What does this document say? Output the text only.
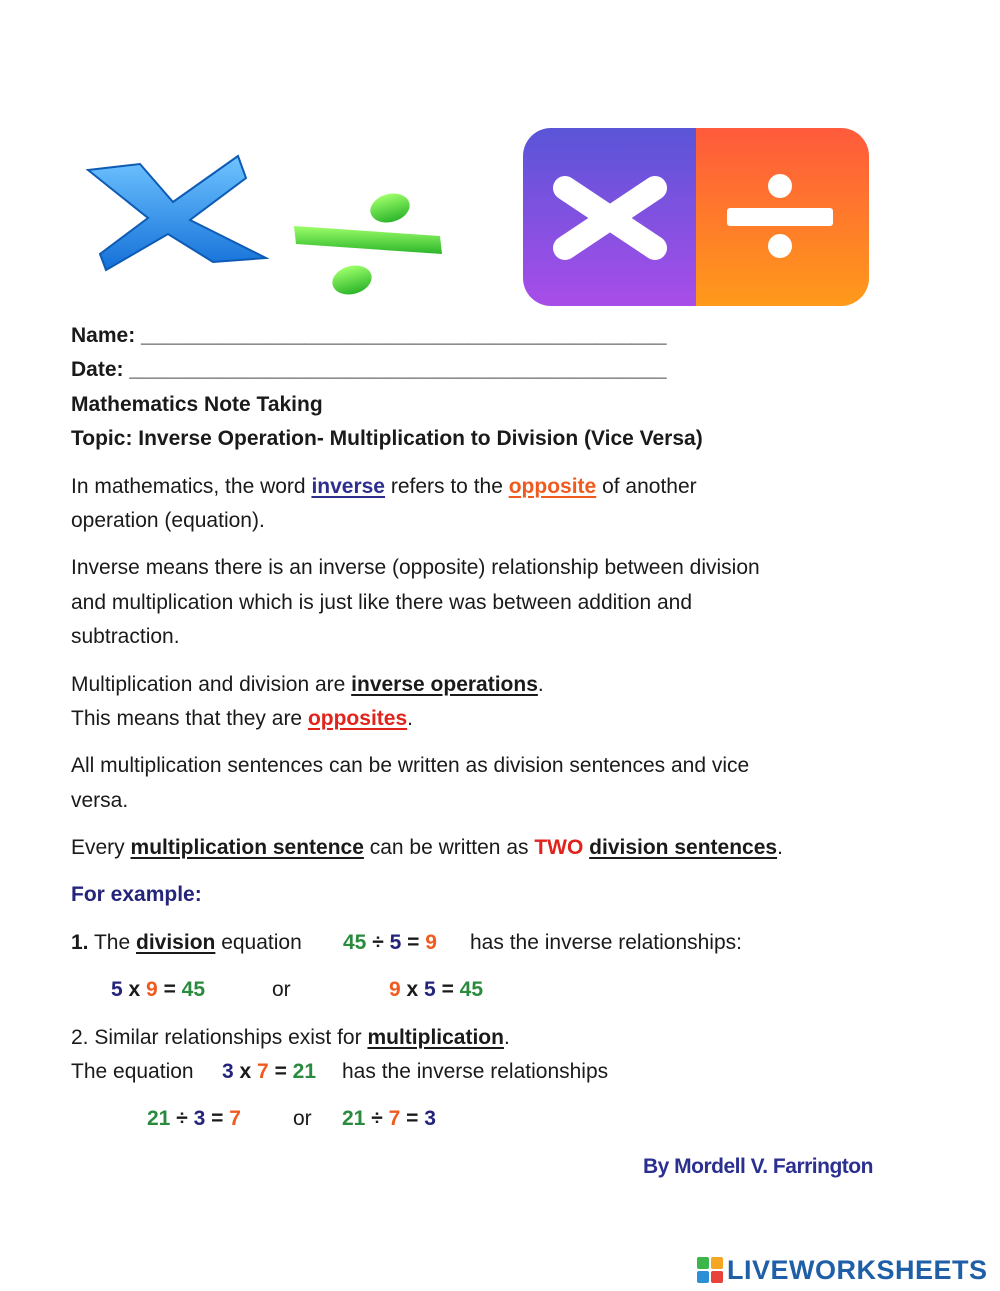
Name: _____________________________________________
Date: ______________________________________________
Mathematics Note Taking
Topic: Inverse Operation- Multiplication to Division (Vice Versa)
In mathematics, the word inverse refers to the opposite of another
operation (equation).
Inverse means there is an inverse (opposite) relationship between division
and multiplication which is just like there was between addition and
subtraction.
Multiplication and division are inverse operations.
This means that they are opposites.
All multiplication sentences can be written as division sentences and vice
versa.
Every multiplication sentence can be written as TWO division sentences.
For example:
1. The division equation 45 ÷ 5 = 9 has the inverse relationships:
5 x 9 = 45	or	9 x 5 = 45
2. Similar relationships exist for multiplication.
The equation 3 x 7 = 21 has the inverse relationships
21 ÷ 3 = 7 or 21 ÷ 7 = 3
By Mordell V. Farrington
LIVEWORKSHEETS
